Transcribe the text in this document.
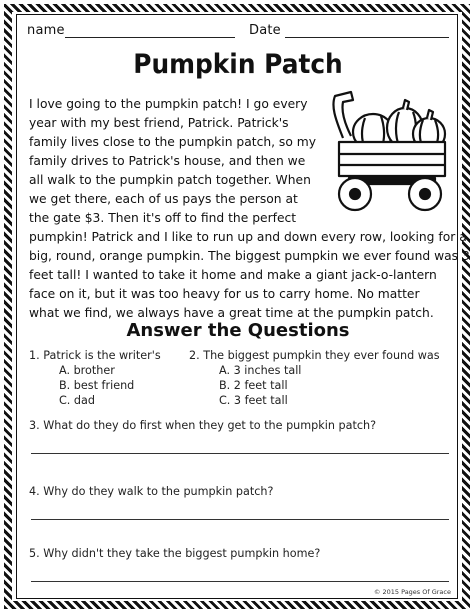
name	Date
Pumpkin Patch
I love going to the pumpkin patch! I go every
year with my best friend, Patrick. Patrick's
family lives close to the pumpkin patch, so my
family drives to Patrick's house, and then we
all walk to the pumpkin patch together. When
we get there, each of us pays the person at
the gate $3. Then it's off to find the perfect
pumpkin! Patrick and I like to run up and down every row, looking for a
big, round, orange pumpkin. The biggest pumpkin we ever found was 3
feet tall! I wanted to take it home and make a giant jack-o-lantern
face on it, but it was too heavy for us to carry home. No matter
what we find, we always have a great time at the pumpkin patch.
Answer the Questions
1. Patrick is the writer's
A. brother
B. best friend
C. dad
2. The biggest pumpkin they ever found was
A. 3 inches tall
B. 2 feet tall
C. 3 feet tall
3. What do they do first when they get to the pumpkin patch?
4. Why do they walk to the pumpkin patch?
5. Why didn't they take the biggest pumpkin home?
© 2015 Pages Of Grace
